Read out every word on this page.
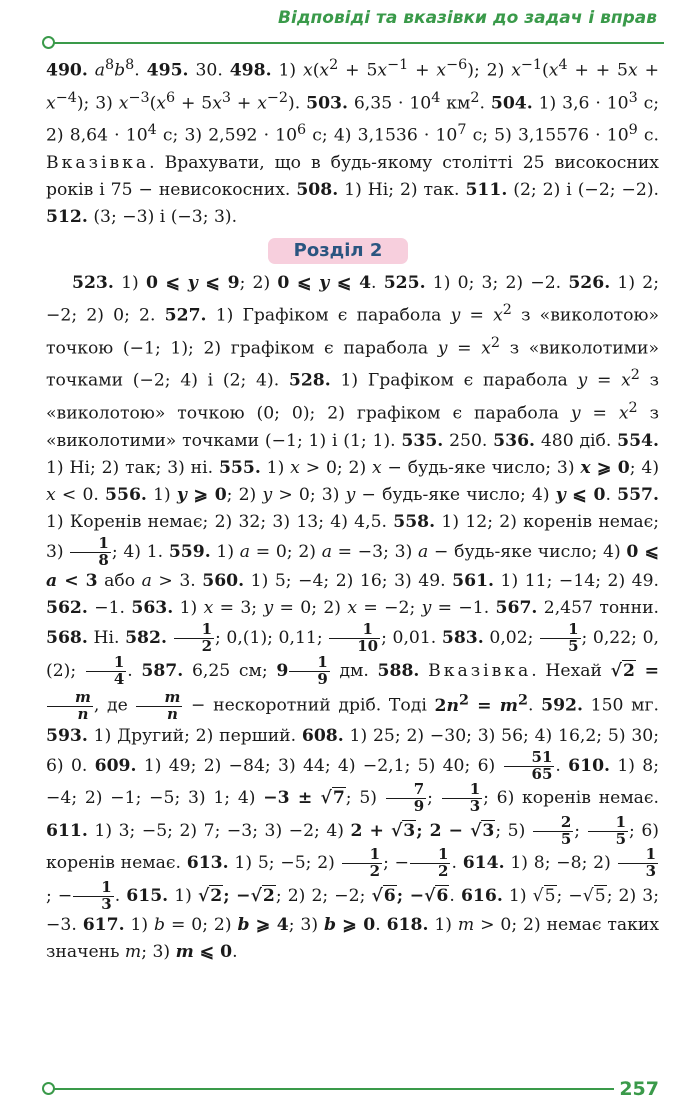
Відповіді та вказівки до задач і вправ

490. $a^8b^8$. 495. 30. 498. 1) $x(x^2 + 5x^{-1} + x^{-6})$; 2) $x^{-1}(x^4$ + + $5x + x^{-4}$); 3) $x^{-3}(x^6 + 5x^3 + x^{-2})$. 503. $6,35 \cdot 10^4$ $км^2$. 504. 1) $3,6 \cdot 10^3$ с; 2) $8,64 \cdot 10^4$ с; 3) $2,592 \cdot 10^6$ с; 4) $3,1536 \cdot 10^7$ с; 5) $3,15576 \cdot 10^9$ с. Вказівка. Врахувати, що в будь-якому столітті 25 високосних років і 75 − невисокосних. 508. 1) Ні; 2) так. 511. (2; 2) і (−2; −2). 512. (3; −3) і (−3; 3).

Розділ 2

523. 1) 0 ⩽ y ⩽ 9; 2) 0 ⩽ y ⩽ 4. 525. 1) 0; 3; 2) −2. 526. 1) 2; −2; 2) 0; 2. 527. 1) Графіком є парабола $y = x^2$ з «виколотою» точкою (−1; 1); 2) графіком є парабола $y = x^2$ з «виколотими» точками (−2; 4) і (2; 4). 528. 1) Графіком є парабола $y = x^2$ з «виколотою» точкою (0; 0); 2) графіком є парабола $y = x^2$ з «виколотими» точками (−1; 1) і (1; 1). 535. 250. 536. 480 діб. 554. 1) Ні; 2) так; 3) ні. 555. 1) x > 0; 2) x − будь-яке число; 3) x ⩾ 0; 4) x < 0. 556. 1) y ⩾ 0; 2) y > 0; 3) y − будь-яке число; 4) y ⩽ 0. 557. 1) Коренів немає; 2) 32; 3) 13; 4) 4,5. 558. 1) 12; 2) коренів немає; $3) \frac{1}{8}$ ; 4) 1. 559. 1) a = 0; 2) a = −3; 3) a − будь-яке число; 4) 0 ⩽ a < 3 або a > 3. 560. 1) 5; −4; 2) 16; 3) 49. 561. 1) 11; −14; 2) 49. 562. −1. 563. 1) x = 3; y = 0; 2) x = −2; y = −1. 567. 2,457 тонни. 568. Ні. 582. $\frac{1}{2}$ ; 0,(1); 0,11; $\frac{1}{10}$ ; 0,01. 583. 0,02; $\frac{1}{5}$ ; 0,22; 0,(2); $\frac{1}{4}$ . 587. 6,25 см; $9 \frac{1}{9}$ дм. 588. Вказівка. Нехай √2 =
$\frac{m}{n}$ , де $\frac{m}{n}$ − нескоротний дріб. Тоді $2n^2 = m^2$. 592. 150 мг. 593. 1) Другий; 2) перший. 608. 1) 25; 2) −30; 3) 56; 4) 16,2; 5) 30; 6) 0. 609. 1) 49; 2) −84; 3) 44; 4) −2,1; 5) 40; $6) \frac{51}{65}$ . 610. 1) 8; −4; 2) −1; −5; 3) 1; 4) −3 ± √7; $5) \frac{7}{9}$ ; $\frac{1}{3}$ ; 6) коренів немає. 611. 1) 3; −5; 2) 7; −3; 3) −2; 4) 2 + √3; 2 − √3; $5) \frac{2}{5}$ ; $\frac{1}{5}$ ; 6) коренів немає. 613. 1) 5; −5; $2) \frac{1}{2}$ ; − $\frac{1}{2}$ . 614. 1) 8; −8; $2) \frac{1}{3}$
; − $\frac{1}{3}$ . 615. 1) √2; −√2; 2) 2; −2; √6; −√6. 616. 1) √5; −√5; 2) 3; −3. 617. 1) b = 0; 2) b ⩾ 4; 3) b ⩾ 0. 618. 1) m > 0; 2) немає таких значень m; 3) m ⩽ 0.

257
